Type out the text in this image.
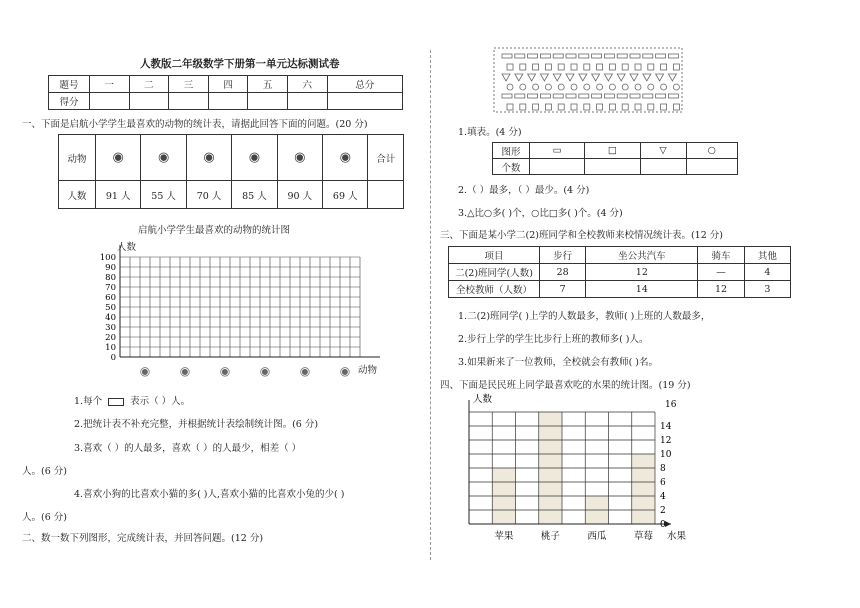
人教版二年级数学下册第一单元达标测试卷
题号	一	二	三	四	五	六	总分
得分							
一、下面是启航小学学生最喜欢的动物的统计表，请据此回答下面的问题。(20 分)
动物	◉	◉	◉	◉	◉	◉	合计
人数	91 人	55 人	70 人	85 人	90 人	69 人	
启航小学学生最喜欢的动物的统计图
人数
动物
100
90
80
70
60
50
40
30
20
10
0
◉ ◉ ◉ ◉ ◉ ◉
1.每个	表示（ ）人。
2.把统计表不补充完整，并根据统计表绘制统计图。(6 分)
3.喜欢（ ）的人最多，喜欢（ ）的人最少，相差（ ）
人。(6 分)
4.喜欢小狗的比喜欢小猫的多( )人,喜欢小猫的比喜欢小兔的少( )
人。(6 分)
二、数一数下列图形，完成统计表，并回答问题。(12 分)
1.填表。(4 分)
图形	▭	□	▽	○
个数				
2.（ ）最多，（ ）最少。(4 分)
3.△比○多( )个，○比□多( )个。(4 分)
三、下面是某小学二(2)班同学和全校教师来校情况统计表。(12 分)
项目	步行	坐公共汽车	骑车	其他
二(2)班同学(人数)	28	12	—	4
全校教师（人数）	7	14	12	3
1.二(2)班同学( )上学的人数最多，教师( )上班的人数最多，
2.步行上学的学生比步行上班的教师多( )人。
3.如果新来了一位教师，全校就会有教师( )名。
四、下面是民民班上同学最喜欢吃的水果的统计图。(19 分)
人数	16
14
12
10
8
6
4
2
0
苹果	桃子	西瓜	草莓 水果
